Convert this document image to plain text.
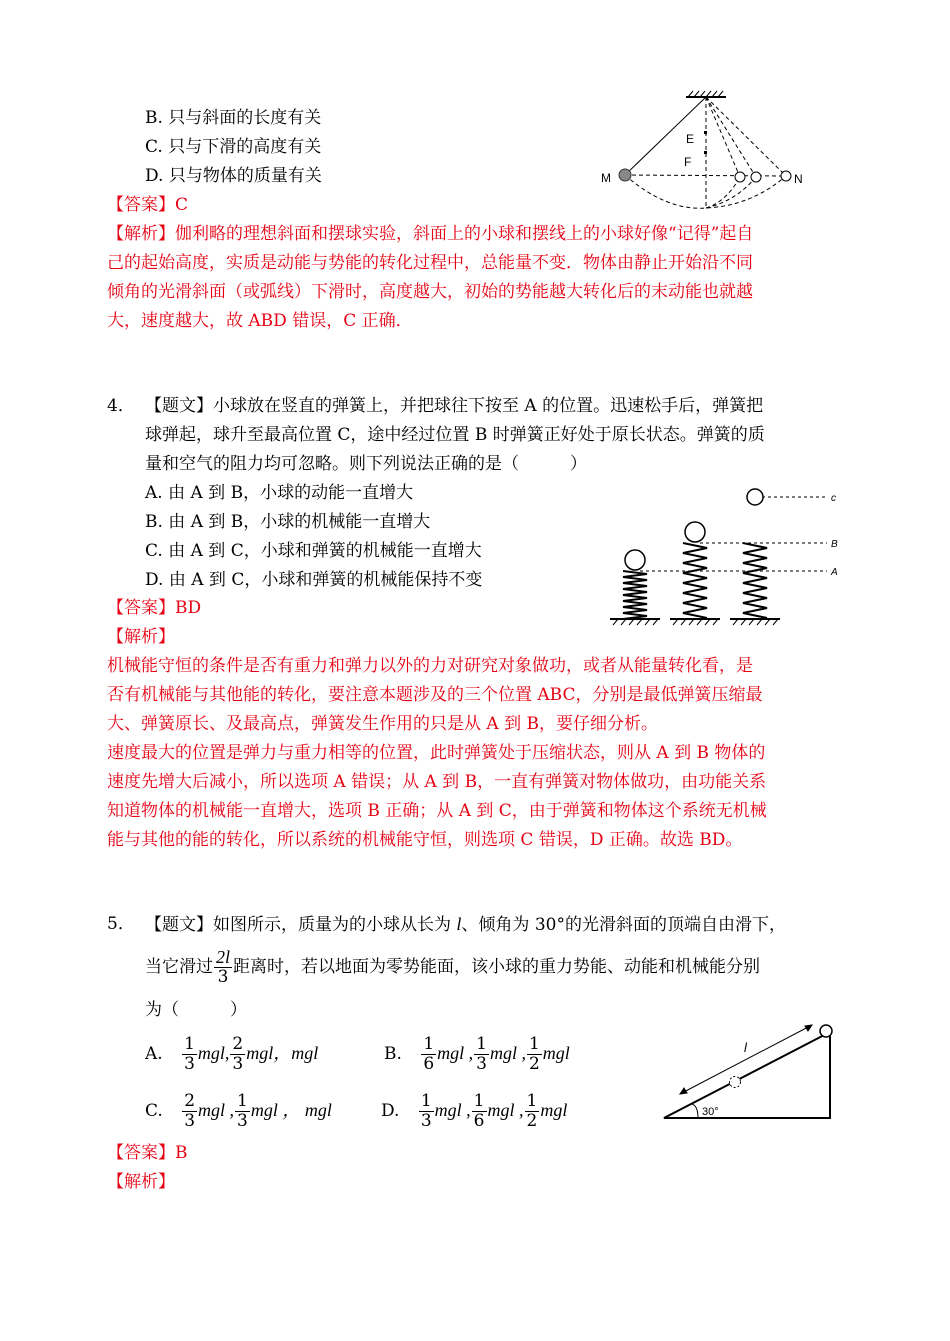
B. 只与斜面的长度有关
C. 只与下滑的高度有关
D. 只与物体的质量有关
【答案】C
【解析】伽利略的理想斜面和摆球实验，斜面上的小球和摆线上的小球好像“记得”起自
己的起始高度，实质是动能与势能的转化过程中，总能量不变．物体由静止开始沿不同
倾角的光滑斜面（或弧线）下滑时，高度越大，初始的势能越大转化后的末动能也就越
大，速度越大，故 ABD 错误，C 正确．
E
F
M	N
4． 【题文】小球放在竖直的弹簧上，并把球往下按至 A 的位置。迅速松手后，弹簧把
球弹起，球升至最高位置 C，途中经过位置 B 时弹簧正好处于原长状态。弹簧的质
量和空气的阻力均可忽略。则下列说法正确的是（　　　）
A. 由 A 到 B，小球的动能一直增大
B. 由 A 到 B，小球的机械能一直增大
C. 由 A 到 C，小球和弹簧的机械能一直增大
D. 由 A 到 C，小球和弹簧的机械能保持不变
【答案】BD
【解析】
机械能守恒的条件是否有重力和弹力以外的力对研究对象做功，或者从能量转化看，是
否有机械能与其他能的转化，要注意本题涉及的三个位置 ABC，分别是最低弹簧压缩最
大、弹簧原长、及最高点，弹簧发生作用的只是从 A 到 B，要仔细分析。
速度最大的位置是弹力与重力相等的位置，此时弹簧处于压缩状态，则从 A 到 B 物体的
速度先增大后减小，所以选项 A 错误；从 A 到 B，一直有弹簧对物体做功，由功能关系
知道物体的机械能一直增大，选项 B 正确；从 A 到 C，由于弹簧和物体这个系统无机械
能与其他的能的转化，所以系统的机械能守恒，则选项 C 错误，D 正确。故选 BD。
c
B
A
5． 【题文】如图所示，质量为的小球从长为 l、倾角为 30°的光滑斜面的顶端自由滑下，
当它滑过 $\frac{2l}{3}$ 距离时，若以地面为零势能面，该小球的重力势能、动能和机械能分别
为（　　　）
A. $\frac{1}{3}$ mgl, $\frac{2}{3}$ mgl，mgl	B. $\frac{1}{6}$ mgl , $\frac{1}{3}$ mgl , $\frac{1}{2}$ mgl
C. $\frac{2}{3}$ mgl , $\frac{1}{3}$ mgl ， mgl	D. $\frac{1}{3}$ mgl , $\frac{1}{6}$ mgl , $\frac{1}{2}$ mgl
【答案】B
【解析】
30°
l
